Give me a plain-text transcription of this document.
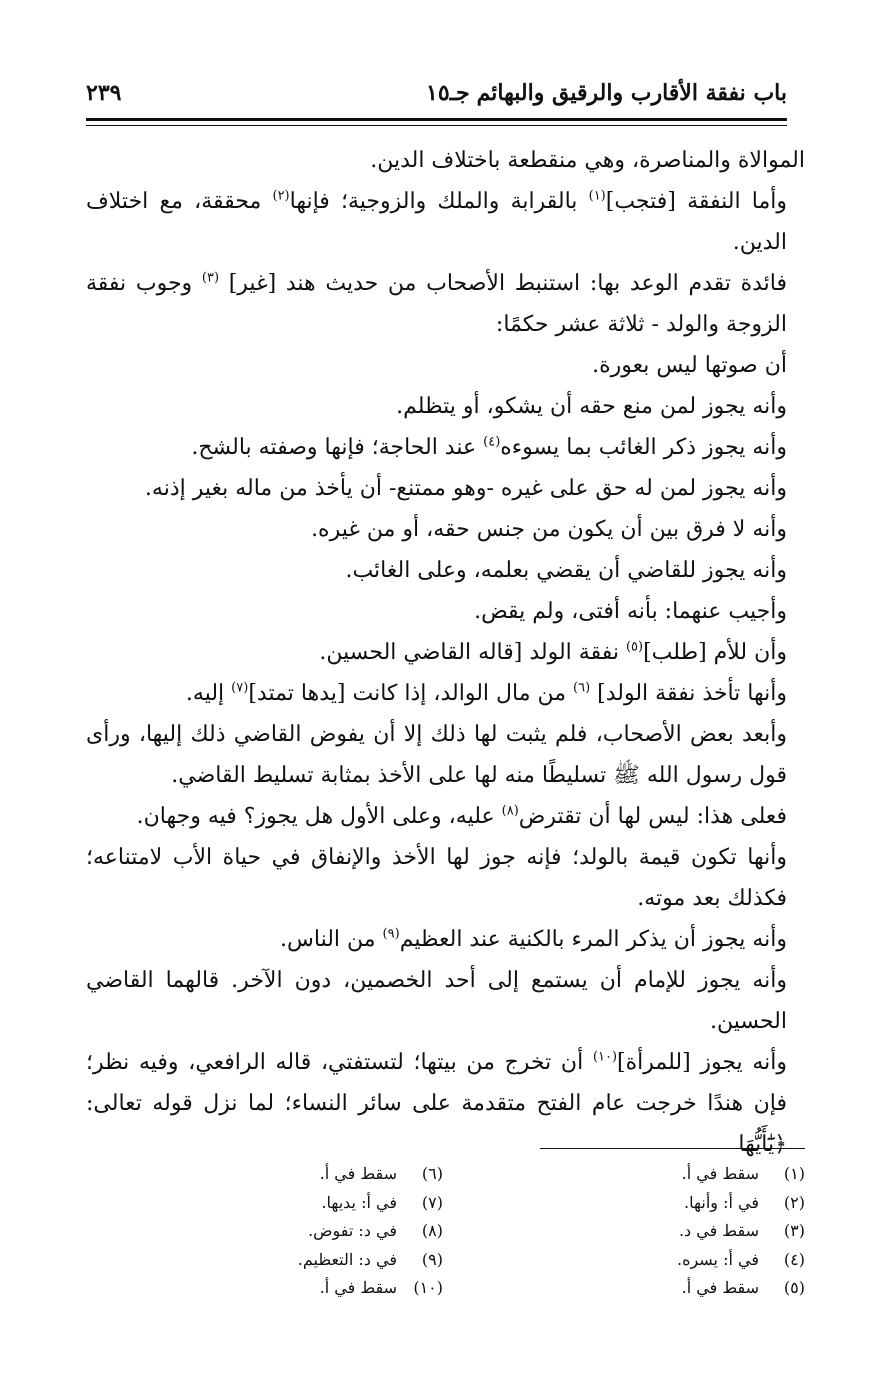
باب نفقة الأقارب والرقيق والبهائم
جـ١٥
٢٣٩

الموالاة والمناصرة، وهي منقطعة باختلاف الدين.

وأما النفقة [فتجب]$^{(١)}$ بالقرابة والملك والزوجية؛ فإنها$^{(٢)}$ محققة، مع اختلاف الدين.

فائدة تقدم الوعد بها: استنبط الأصحاب من حديث هند [غير] $^{(٣)}$ وجوب نفقة الزوجة والولد - ثلاثة عشر حكمًا:

أن صوتها ليس بعورة.

وأنه يجوز لمن منع حقه أن يشكو، أو يتظلم.

وأنه يجوز ذكر الغائب بما يسوءه$^{(٤)}$ عند الحاجة؛ فإنها وصفته بالشح.

وأنه يجوز لمن له حق على غيره -وهو ممتنع- أن يأخذ من ماله بغير إذنه.

وأنه لا فرق بين أن يكون من جنس حقه، أو من غيره.

وأنه يجوز للقاضي أن يقضي بعلمه، وعلى الغائب.

وأجيب عنهما: بأنه أفتى، ولم يقض.

وأن للأم [طلب]$^{(٥)}$ نفقة الولد [قاله القاضي الحسين.

وأنها تأخذ نفقة الولد] $^{(٦)}$ من مال الوالد، إذا كانت [يدها تمتد]$^{(٧)}$ إليه.

وأبعد بعض الأصحاب، فلم يثبت لها ذلك إلا أن يفوض القاضي ذلك إليها، ورأى قول رسول الله ﷺ تسليطًا منه لها على الأخذ بمثابة تسليط القاضي.

فعلى هذا: ليس لها أن تقترض$^{(٨)}$ عليه، وعلى الأول هل يجوز؟ فيه وجهان.

وأنها تكون قيمة بالولد؛ فإنه جوز لها الأخذ والإنفاق في حياة الأب لامتناعه؛ فكذلك بعد موته.

وأنه يجوز أن يذكر المرء بالكنية عند العظيم$^{(٩)}$ من الناس.

وأنه يجوز للإمام أن يستمع إلى أحد الخصمين، دون الآخر. قالهما القاضي الحسين.

وأنه يجوز [للمرأة]$^{(١٠)}$ أن تخرج من بيتها؛ لتستفتي، قاله الرافعي، وفيه نظر؛ فإن هندًا خرجت عام الفتح متقدمة على سائر النساء؛ لما نزل قوله تعالى: ﴿يَٰٓأَيُّهَا

(١)
سقط في أ.
(٢)
في أ: وأنها.
(٣)
سقط في د.
(٤)
في أ: يسره.
(٥)
سقط في أ.
(٦)
سقط في أ.
(٧)
في أ: يديها.
(٨)
في د: تفوض.
(٩)
في د: التعظيم.
(١٠)
سقط في أ.
